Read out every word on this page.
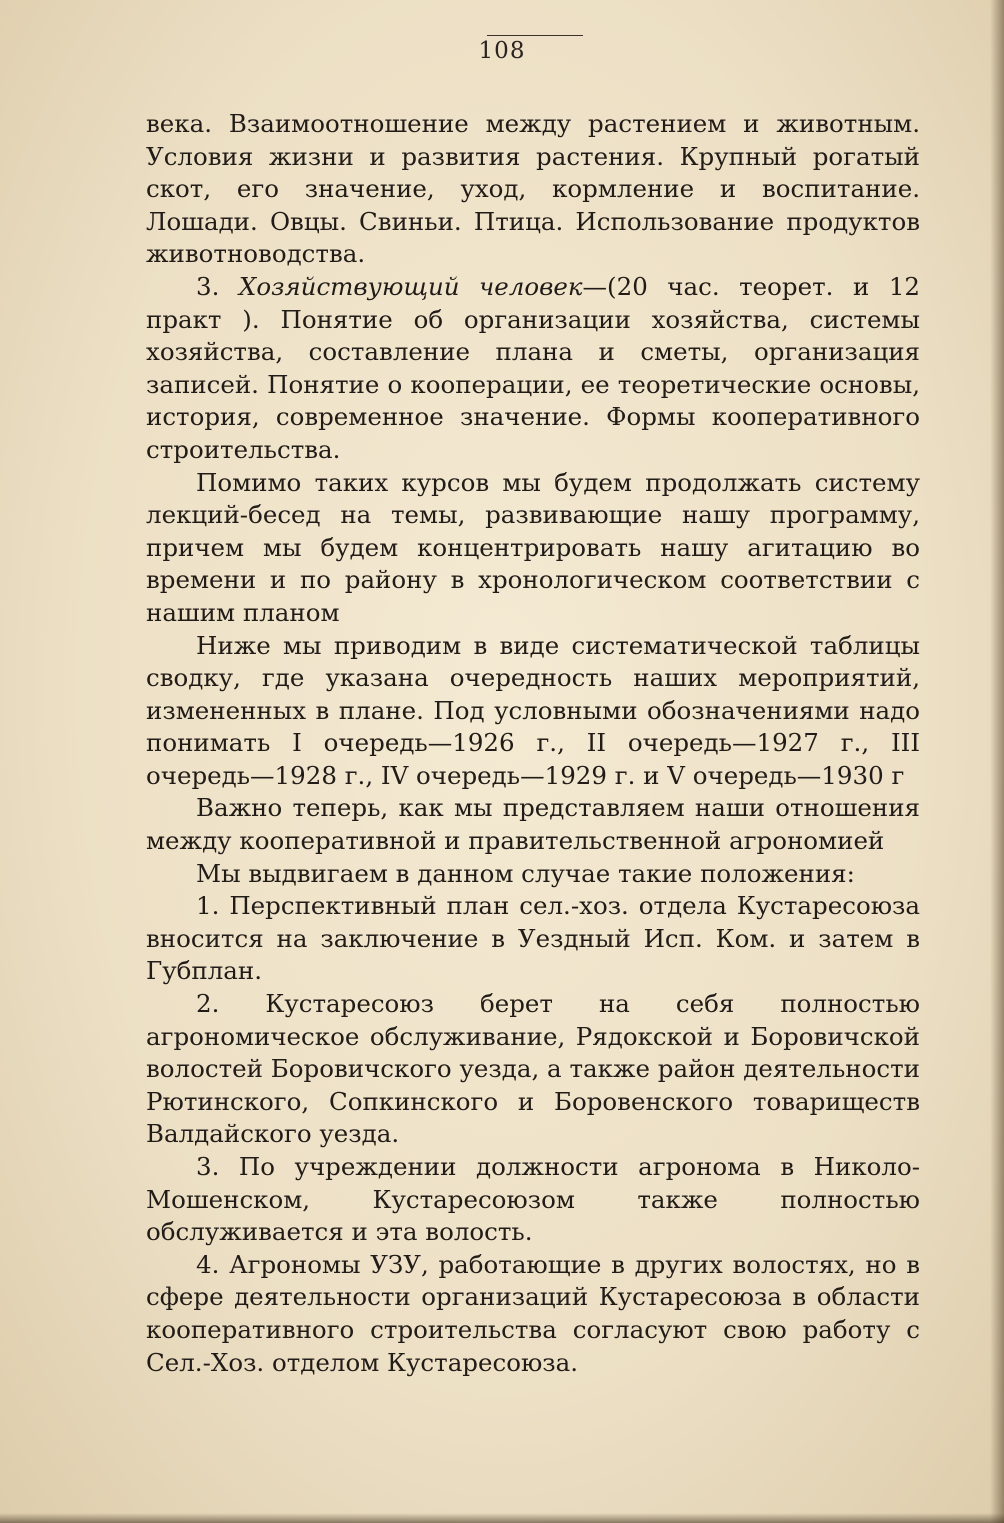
108

века. Взаимоотношение между растением и животным. Условия жизни и развития растения. Крупный рогатый скот, его значение, уход, кормление и воспитание. Лошади. Овцы. Свиньи. Птица. Использование продуктов животноводства.

3. Хозяйствующий человек—(20 час. теорет. и 12 практ ). Понятие об организации хозяйства, системы хозяйства, составление плана и сметы, организация записей. Понятие о кооперации, ее теоретические основы, история, современное значение. Формы кооперативного строительства.

Помимо таких курсов мы будем продолжать систему лекций-бесед на темы, развивающие нашу программу, причем мы будем концентрировать нашу агитацию во времени и по району в хронологическом соответствии с нашим планом

Ниже мы приводим в виде систематической таблицы сводку, где указана очередность наших мероприятий, измененных в плане. Под условными обозначениями надо понимать I очередь—1926 г., II очередь—1927 г., III очередь—1928 г., IV очередь—1929 г. и V очередь—1930 г

Важно теперь, как мы представляем наши отношения между кооперативной и правительственной агрономией

Мы выдвигаем в данном случае такие положения:

1. Перспективный план сел.-хоз. отдела Кустаресоюза вносится на заключение в Уездный Исп. Ком. и затем в Губплан.

2. Кустаресоюз берет на себя полностью агрономическое обслуживание, Рядокской и Боровичской волостей Боровичского уезда, а также район деятельности Рютинского, Сопкинского и Боровенского товариществ Валдайского уезда.

3. По учреждении должности агронома в Николо-Мошенском, Кустаресоюзом также полностью обслуживается и эта волость.

4. Агрономы УЗУ, работающие в других волостях, но в сфере деятельности организаций Кустаресоюза в области кооперативного строительства согласуют свою работу с Сел.-Хоз. отделом Кустаресоюза.
